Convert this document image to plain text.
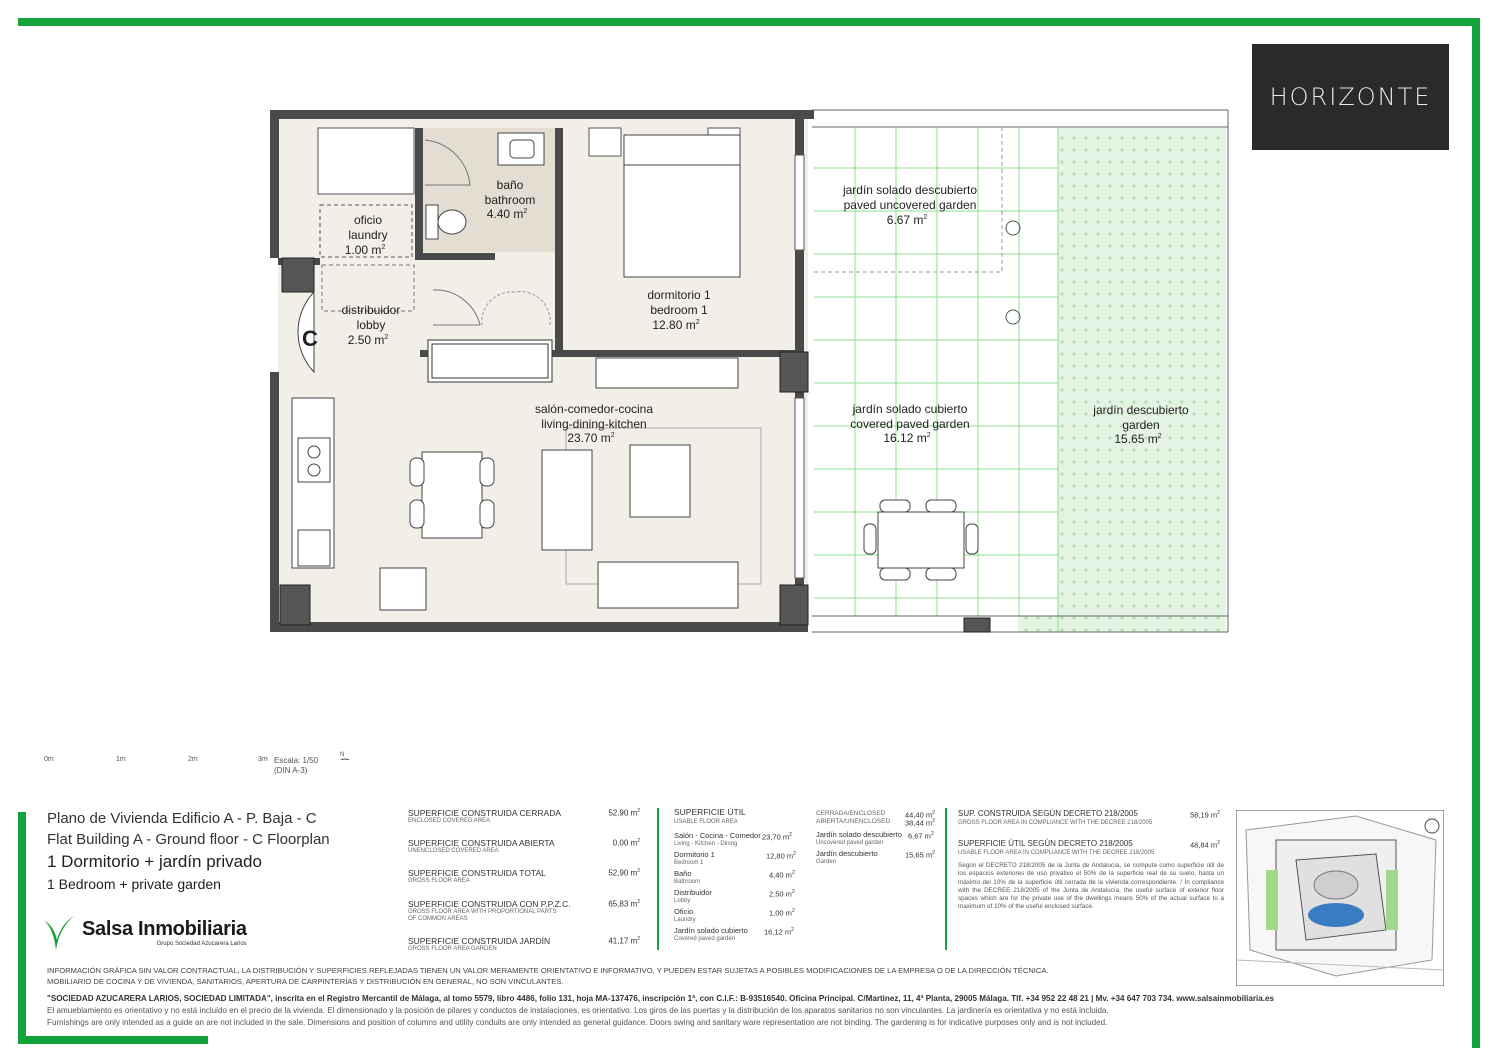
HORIZONTE
baño
bathroom
4.40 $m^2$
oficio
laundry
1.00 $m^2$
distribuidor
lobby
2.50 $m^2$
dormitorio 1
bedroom 1
12.80 $m^2$
salón-comedor-cocina
living-dining-kitchen
23.70 $m^2$
jardín solado descubierto
paved uncovered garden
6.67 $m^2$
jardín solado cubierto
covered paved garden
16.12 $m^2$
jardín descubierto
garden
15.65 $m^2$
C
0m	1m	2m	3m Escala: 1/50
(DIN A-3)
N

Plano de Vivienda Edificio A - P. Baja - C

Flat Building A - Ground floor - C Floorplan

1 Dormitorio + jardín privado

1 Bedroom + private garden

Salsa Inmobiliaria
Grupo Sociedad Azucarera Larios
SUPERFICIE CONSTRUIDA CERRADA
ENCLOSED COVERED AREA
52,90 $m^2$
SUPERFICIE CONSTRUIDA ABIERTA
UNENCLOSED COVERED AREA
0,00 $m^2$
SUPERFICIE CONSTRUIDA TOTAL
GROSS FLOOR AREA
52,90 $m^2$
SUPERFICIE CONSTRUIDA CON P.P.Z.C.
GROSS FLOOR AREA WITH PROPORTIONAL PARTS
OF COMMON AREAS
65,83 $m^2$
SUPERFICIE CONSTRUIDA JARDÍN
GROSS FLOOR AREA GARDEN
41,17 $m^2$
SUPERFICIE ÚTIL
USABLE FLOOR AREA
Salón - Cocina - Comedor
Living - Kitchen - Dining
23,70 $m^2$
Dormitorio 1
Bedroom 1
12,80 $m^2$
Baño
Bathroom
4,40 $m^2$
Distribuidor
Lobby
2,50 $m^2$
Oficio
Laundry
1,00 $m^2$
Jardín solado cubierto
Covered paved garden
16,12 $m^2$
CERRADA/ENCLOSED	44,40 $m^2$
ABIERTA/UNENCLOSED 38,44 $m^2$
Jardín solado descubierto
Uncovered paved garden
6,67 $m^2$
Jardín descubierto
Garden
15,65 $m^2$
SUP. CONSTRUIDA SEGÚN DECRETO 218/2005
GROSS FLOOR AREA IN COMPLIANCE WITH THE DECREE 218/2005
58,19 $m^2$
SUPERFICIE ÚTIL SEGÚN DECRETO 218/2005
USABLE FLOOR AREA IN COMPLIANCE WITH THE DECREE 218/2005
48,84 $m^2$
Según el DECRETO 218/2005 de la Junta de Andalucía, se computa como superficie útil de los espacios exteriores de uso privativo el 50% de la superficie real de su suelo, hasta un máximo del 10% de la superficie útil cerrada de la vivienda correspondiente. / In compliance with the DECREE 218/2005 of the Junta de Andalucía, the useful surface of exterior floor spaces which are for the private use of the dwellings means 50% of the actual surface to a maximum of 10% of the useful enclosed surface.
INFORMACIÓN GRÁFICA SIN VALOR CONTRACTUAL, LA DISTRIBUCIÓN Y SUPERFICIES REFLEJADAS TIENEN UN VALOR MERAMENTE ORIENTATIVO E INFORMATIVO, Y PUEDEN ESTAR SUJETAS A POSIBLES MODIFICACIONES DE LA EMPRESA O DE LA DIRECCIÓN TÉCNICA.
MOBILIARIO DE COCINA Y DE VIVIENDA, SANITARIOS, APERTURA DE CARPINTERÍAS Y DISTRIBUCIÓN EN GENERAL, NO SON VINCULANTES.
"SOCIEDAD AZUCARERA LARIOS, SOCIEDAD LIMITADA", inscrita en el Registro Mercantil de Málaga, al tomo 5579, libro 4486, folio 131, hoja MA-137476, inscripción 1ª, con C.I.F.: B-93516540. Oficina Principal. C/Martinez, 11, 4ª Planta, 29005 Málaga. Tlf. +34 952 22 48 21 | Mv. +34 647 703 734. www.salsainmobiliaria.es
El amueblamiento es orientativo y no está incluido en el precio de la vivienda. El dimensionado y la posición de pilares y conductos de instalaciones, es orientativo. Los giros de las puertas y la distribución de los aparatos sanitarios no son vinculantes. La jardinería es orientativa y no está incluida.
Furnishings are only intended as a guide an are not included in the sale. Dimensions and position of columns and utility conduits are only intended as general guidance. Doors swing and sanitary ware representation are not binding. The gardening is for indicative purposes only and is not included.
